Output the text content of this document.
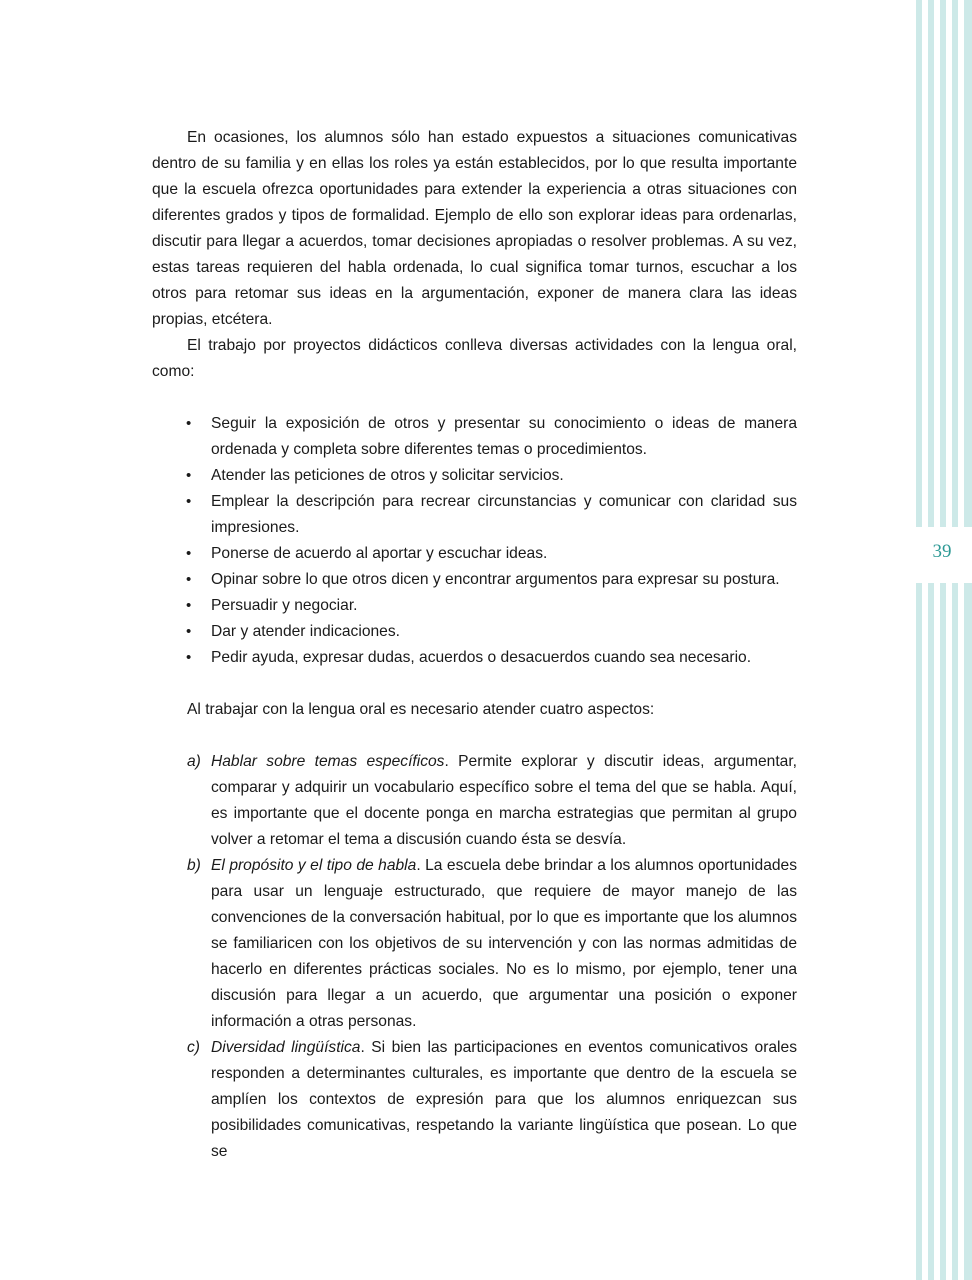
39

En ocasiones, los alumnos sólo han estado expuestos a situaciones comunicativas dentro de su familia y en ellas los roles ya están establecidos, por lo que resulta importante que la escuela ofrezca oportunidades para extender la experiencia a otras situaciones con diferentes grados y tipos de formalidad. Ejemplo de ello son explorar ideas para ordenarlas, discutir para llegar a acuerdos, tomar decisiones apropiadas o resolver problemas. A su vez, estas tareas requieren del habla ordenada, lo cual significa tomar turnos, escuchar a los otros para retomar sus ideas en la argumentación, exponer de manera clara las ideas propias, etcétera.

El trabajo por proyectos didácticos conlleva diversas actividades con la lengua oral, como:

• Seguir la exposición de otros y presentar su conocimiento o ideas de manera ordenada y completa sobre diferentes temas o procedimientos.
• Atender las peticiones de otros y solicitar servicios.
• Emplear la descripción para recrear circunstancias y comunicar con claridad sus impresiones.
• Ponerse de acuerdo al aportar y escuchar ideas.
• Opinar sobre lo que otros dicen y encontrar argumentos para expresar su postura.
• Persuadir y negociar.
• Dar y atender indicaciones.
• Pedir ayuda, expresar dudas, acuerdos o desacuerdos cuando sea necesario.

Al trabajar con la lengua oral es necesario atender cuatro aspectos:

a) Hablar sobre temas específicos. Permite explorar y discutir ideas, argumentar, comparar y adquirir un vocabulario específico sobre el tema del que se habla. Aquí, es importante que el docente ponga en marcha estrategias que permitan al grupo volver a retomar el tema a discusión cuando ésta se desvía.
b) El propósito y el tipo de habla. La escuela debe brindar a los alumnos oportunidades para usar un lenguaje estructurado, que requiere de mayor manejo de las convenciones de la conversación habitual, por lo que es importante que los alumnos se familiaricen con los objetivos de su intervención y con las normas admitidas de hacerlo en diferentes prácticas sociales. No es lo mismo, por ejemplo, tener una discusión para llegar a un acuerdo, que argumentar una posición o exponer información a otras personas.
c) Diversidad lingüística. Si bien las participaciones en eventos comunicativos orales responden a determinantes culturales, es importante que dentro de la escuela se amplíen los contextos de expresión para que los alumnos enriquezcan sus posibilidades comunicativas, respetando la variante lingüística que posean. Lo que se
